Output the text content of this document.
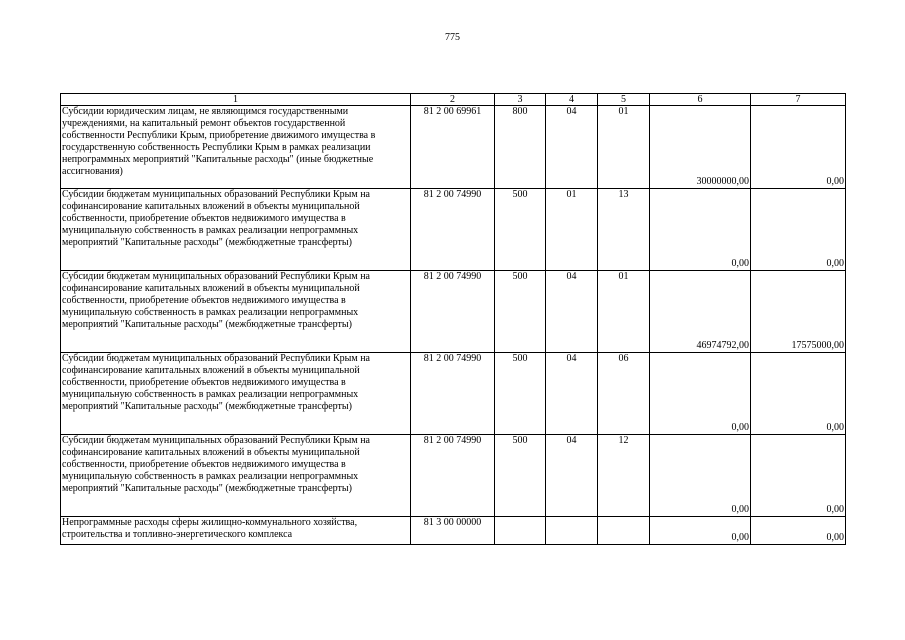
775
1	2	3	4	5	6	7
Субсидии юридическим лицам, не являющимся государственными учреждениями, на капитальный ремонт объектов государственной собственности Республики Крым, приобретение движимого имущества в государственную собственность Республики Крым в рамках реализации непрограммных мероприятий "Капитальные расходы" (иные бюджетные ассигнования)	81 2 00 69961	800	04	01	30000000,00	0,00
Субсидии бюджетам муниципальных образований Республики Крым на софинансирование капитальных вложений в объекты муниципальной собственности, приобретение объектов недвижимого имущества в муниципальную собственность в рамках реализации непрограммных мероприятий "Капитальные расходы" (межбюджетные трансферты)	81 2 00 74990	500	01	13	0,00	0,00
Субсидии бюджетам муниципальных образований Республики Крым на софинансирование капитальных вложений в объекты муниципальной собственности, приобретение объектов недвижимого имущества в муниципальную собственность в рамках реализации непрограммных мероприятий "Капитальные расходы" (межбюджетные трансферты)	81 2 00 74990	500	04	01	46974792,00	17575000,00
Субсидии бюджетам муниципальных образований Республики Крым на софинансирование капитальных вложений в объекты муниципальной собственности, приобретение объектов недвижимого имущества в муниципальную собственность в рамках реализации непрограммных мероприятий "Капитальные расходы" (межбюджетные трансферты)	81 2 00 74990	500	04	06	0,00	0,00
Субсидии бюджетам муниципальных образований Республики Крым на софинансирование капитальных вложений в объекты муниципальной собственности, приобретение объектов недвижимого имущества в муниципальную собственность в рамках реализации непрограммных мероприятий "Капитальные расходы" (межбюджетные трансферты)	81 2 00 74990	500	04	12	0,00	0,00
Непрограммные расходы сферы жилищно-коммунального хозяйства, строительства и топливно-энергетического комплекса	81 3 00 00000				0,00	0,00
